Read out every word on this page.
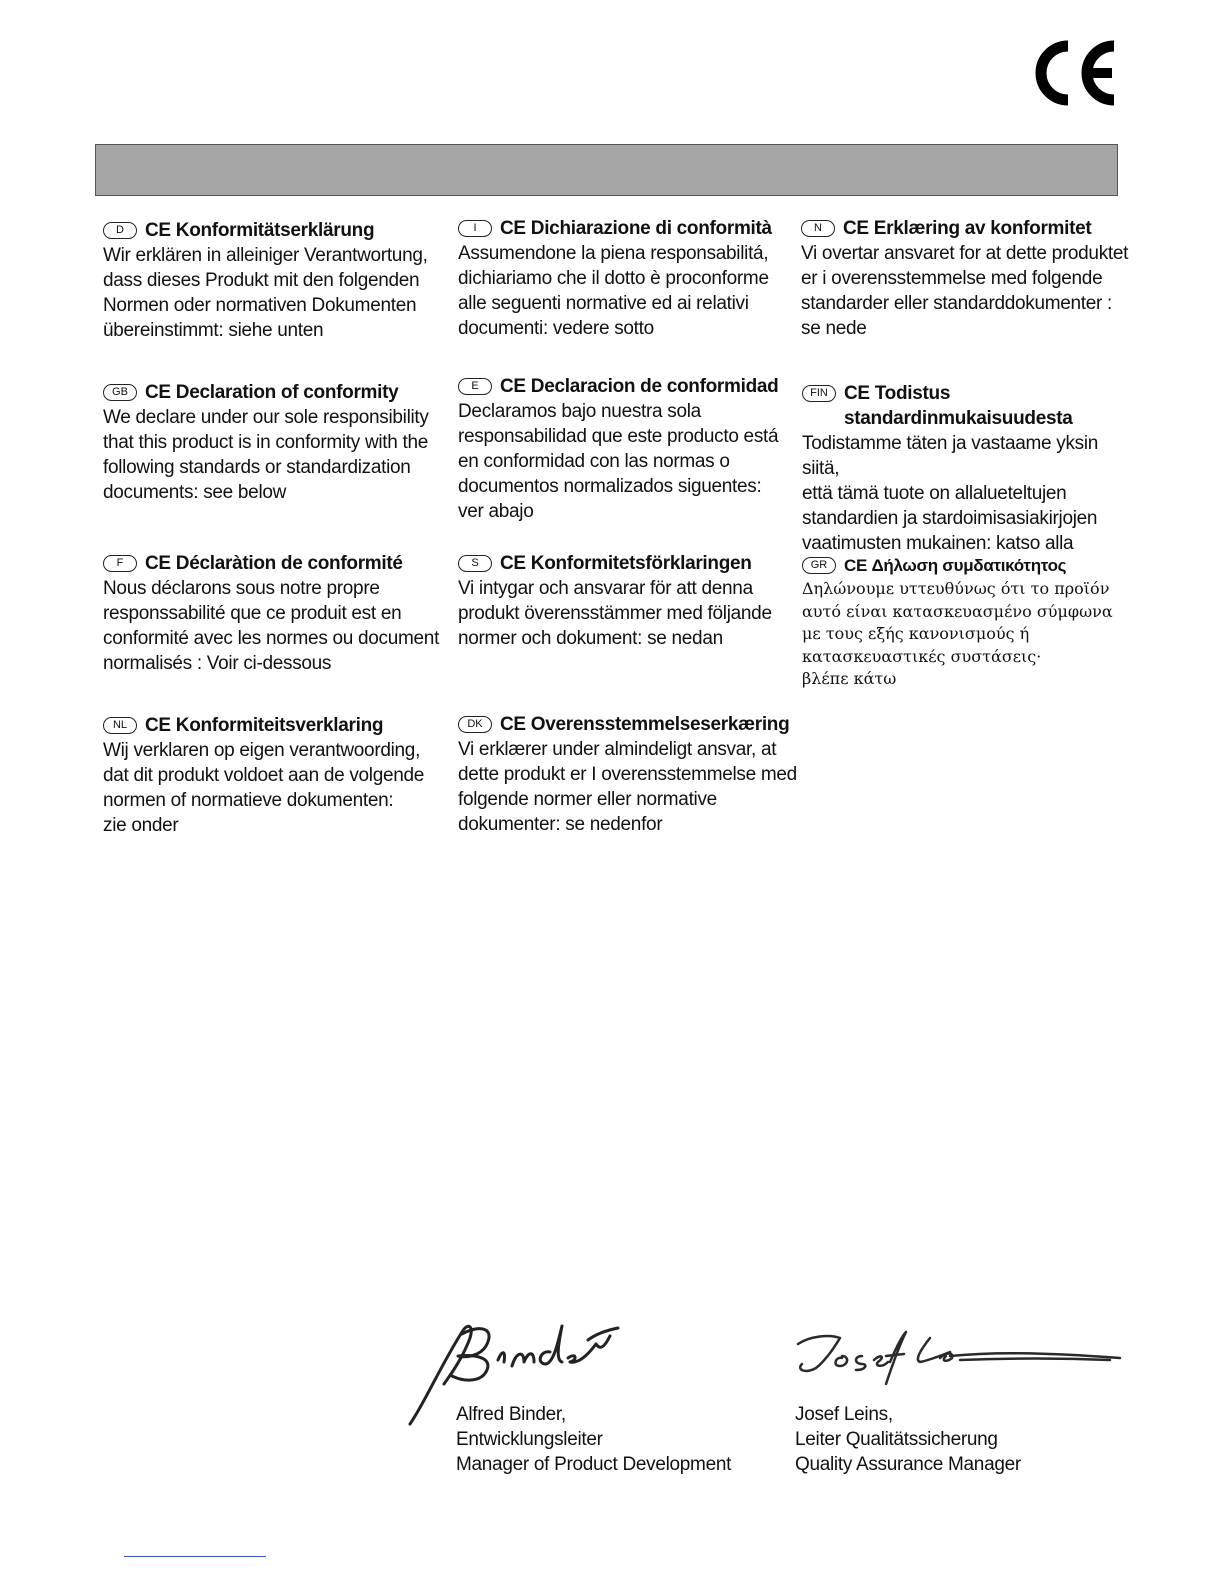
D	CE Konformitätserklärung
Wir erklären in alleiniger Verantwortung,
dass dieses Produkt mit den folgenden
Normen oder normativen Dokumenten
übereinstimmt: siehe unten
I	CE Dichiarazione di conformità
Assumendone la piena responsabilitá,
dichiariamo che il dotto è proconforme
alle seguenti normative ed ai relativi
documenti: vedere sotto
N	CE Erklæring av konformitet
Vi overtar ansvaret for at dette produktet
er i overensstemmelse med folgende
standarder eller standarddokumenter :
se nede
GB CE Declaration of conformity
We declare under our sole responsibility
that this product is in conformity with the
following standards or standardization
documents: see below
E	CE Declaracion de conformidad
Declaramos bajo nuestra sola
responsabilidad que este producto está
en conformidad con las normas o
documentos normalizados siguentes:
ver abajo
FIN CE Todistus
standardinmukaisuudesta
Todistamme täten ja vastaame yksin siitä,
että tämä tuote on allalueteltujen
standardien ja stardoimisasiakirjojen
vaatimusten mukainen: katso alla
F	CE Déclaràtion de conformité
Nous déclarons sous notre propre
responssabilité que ce produit est en
conformité avec les normes ou document
normalisés : Voir ci-dessous
S	CE Konformitetsförklaringen
Vi intygar och ansvarar för att denna
produkt överensstämmer med följande
normer och dokument: se nedan
GR CE Δήλωση συμδατικότητος
Δηλώνουμε υττευθύνως ότι το προϊόν
αυτό είναι κατασκευασμένο σύμφωνα
με τους εξής κανονισμούς ή
κατασκευαστικές συστάσεις·
βλέπε κάτω
NL CE Konformiteitsverklaring
Wij verklaren op eigen verantwoording,
dat dit produkt voldoet aan de volgende
normen of normatieve dokumenten:
zie onder
DK CE Overensstemmelseserkæring
Vi erklærer under almindeligt ansvar, at
dette produkt er I overensstemmelse med
folgende normer eller normative
dokumenter: se nedenfor
Alfred Binder,
Entwicklungsleiter
Manager of Product Development
Josef Leins,
Leiter Qualitätssicherung
Quality Assurance Manager
